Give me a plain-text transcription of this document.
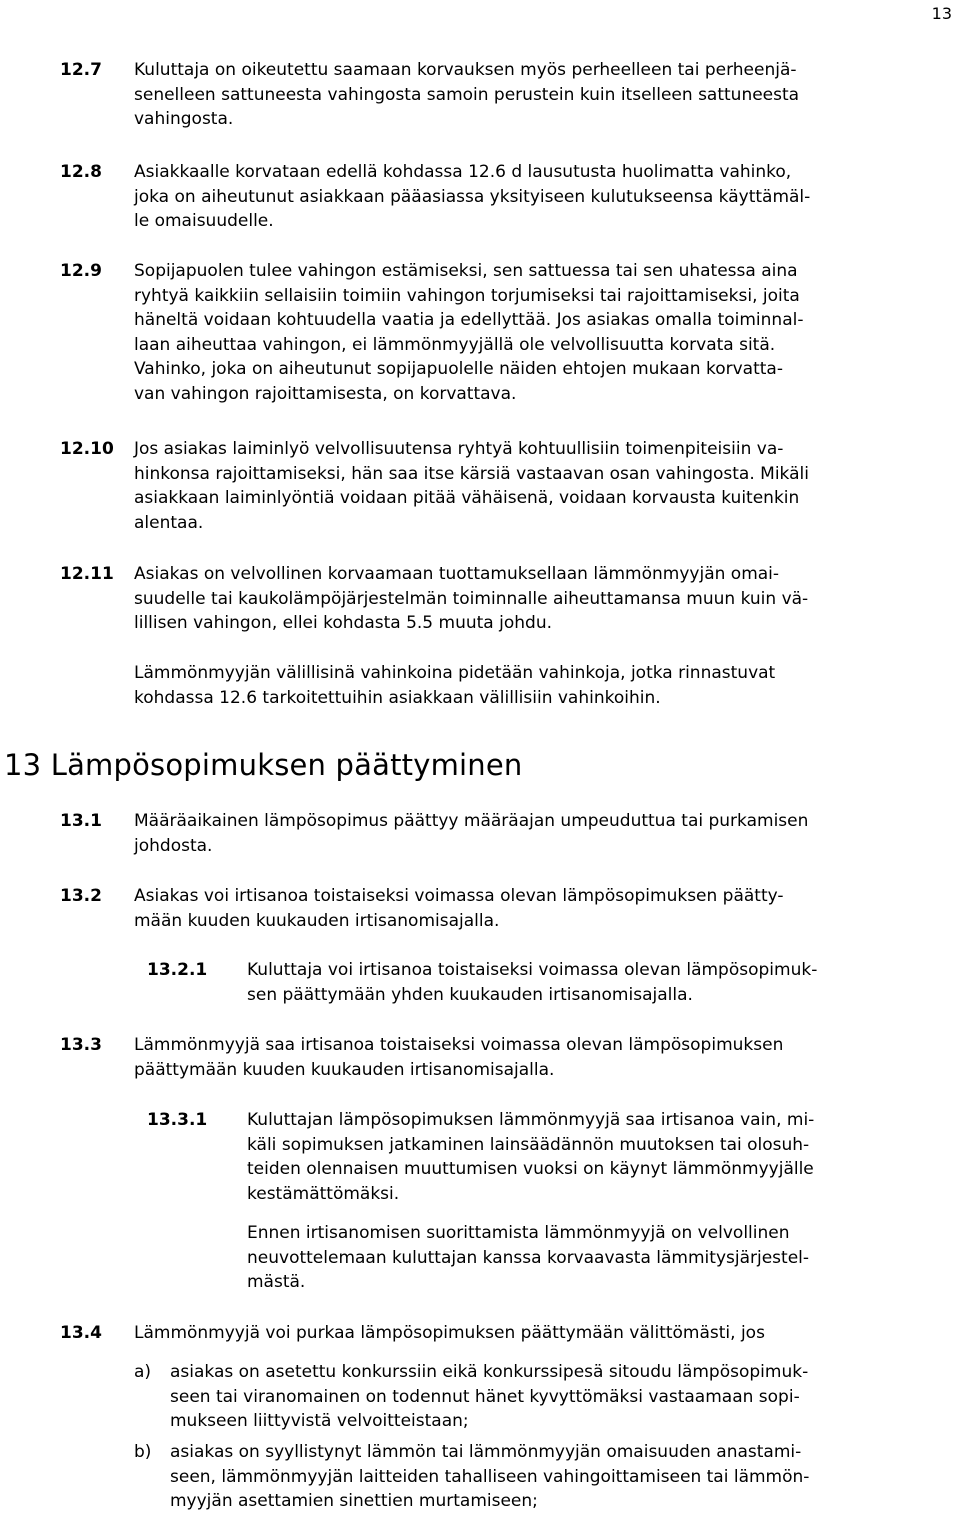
13
12.7 Kuluttaja on oikeutettu saamaan korvauksen myös perheelleen tai perheenjä-
senelleen sattuneesta vahingosta samoin perustein kuin itselleen sattuneesta
vahingosta.
12.8 Asiakkaalle korvataan edellä kohdassa 12.6 d lausutusta huolimatta vahinko,
joka on aiheutunut asiakkaan pääasiassa yksityiseen kulutukseensa käyttämäl-
le omaisuudelle.
12.9 Sopijapuolen tulee vahingon estämiseksi, sen sattuessa tai sen uhatessa aina
ryhtyä kaikkiin sellaisiin toimiin vahingon torjumiseksi tai rajoittamiseksi, joita
häneltä voidaan kohtuudella vaatia ja edellyttää. Jos asiakas omalla toiminnal-
laan aiheuttaa vahingon, ei lämmönmyyjällä ole velvollisuutta korvata sitä.
Vahinko, joka on aiheutunut sopijapuolelle näiden ehtojen mukaan korvatta-
van vahingon rajoittamisesta, on korvattava.
12.10 Jos asiakas laiminlyö velvollisuutensa ryhtyä kohtuullisiin toimenpiteisiin va-
hinkonsa rajoittamiseksi, hän saa itse kärsiä vastaavan osan vahingosta. Mikäli
asiakkaan laiminlyöntiä voidaan pitää vähäisenä, voidaan korvausta kuitenkin
alentaa.
12.11 Asiakas on velvollinen korvaamaan tuottamuksellaan lämmönmyyjän omai-
suudelle tai kaukolämpöjärjestelmän toiminnalle aiheuttamansa muun kuin vä-
lillisen vahingon, ellei kohdasta 5.5 muuta johdu.
Lämmönmyyjän välillisinä vahinkoina pidetään vahinkoja, jotka rinnastuvat
kohdassa 12.6 tarkoitettuihin asiakkaan välillisiin vahinkoihin.
13 Lämpösopimuksen päättyminen
13.1 Määräaikainen lämpösopimus päättyy määräajan umpeuduttua tai purkamisen
johdosta.
13.2 Asiakas voi irtisanoa toistaiseksi voimassa olevan lämpösopimuksen päätty-
mään kuuden kuukauden irtisanomisajalla.
13.2.1 Kuluttaja voi irtisanoa toistaiseksi voimassa olevan lämpösopimuk-
sen päättymään yhden kuukauden irtisanomisajalla.
13.3 Lämmönmyyjä saa irtisanoa toistaiseksi voimassa olevan lämpösopimuksen
päättymään kuuden kuukauden irtisanomisajalla.
13.3.1 Kuluttajan lämpösopimuksen lämmönmyyjä saa irtisanoa vain, mi-
käli sopimuksen jatkaminen lainsäädännön muutoksen tai olosuh-
teiden olennaisen muuttumisen vuoksi on käynyt lämmönmyyjälle
kestämättömäksi.
Ennen irtisanomisen suorittamista lämmönmyyjä on velvollinen
neuvottelemaan kuluttajan kanssa korvaavasta lämmitysjärjestel-
mästä.
13.4 Lämmönmyyjä voi purkaa lämpösopimuksen päättymään välittömästi, jos
a) asiakas on asetettu konkurssiin eikä konkurssipesä sitoudu lämpösopimuk-
seen tai viranomainen on todennut hänet kyvyttömäksi vastaamaan sopi-
mukseen liittyvistä velvoitteistaan;
b) asiakas on syyllistynyt lämmön tai lämmönmyyjän omaisuuden anastami-
seen, lämmönmyyjän laitteiden tahalliseen vahingoittamiseen tai lämmön-
myyjän asettamien sinettien murtamiseen;
